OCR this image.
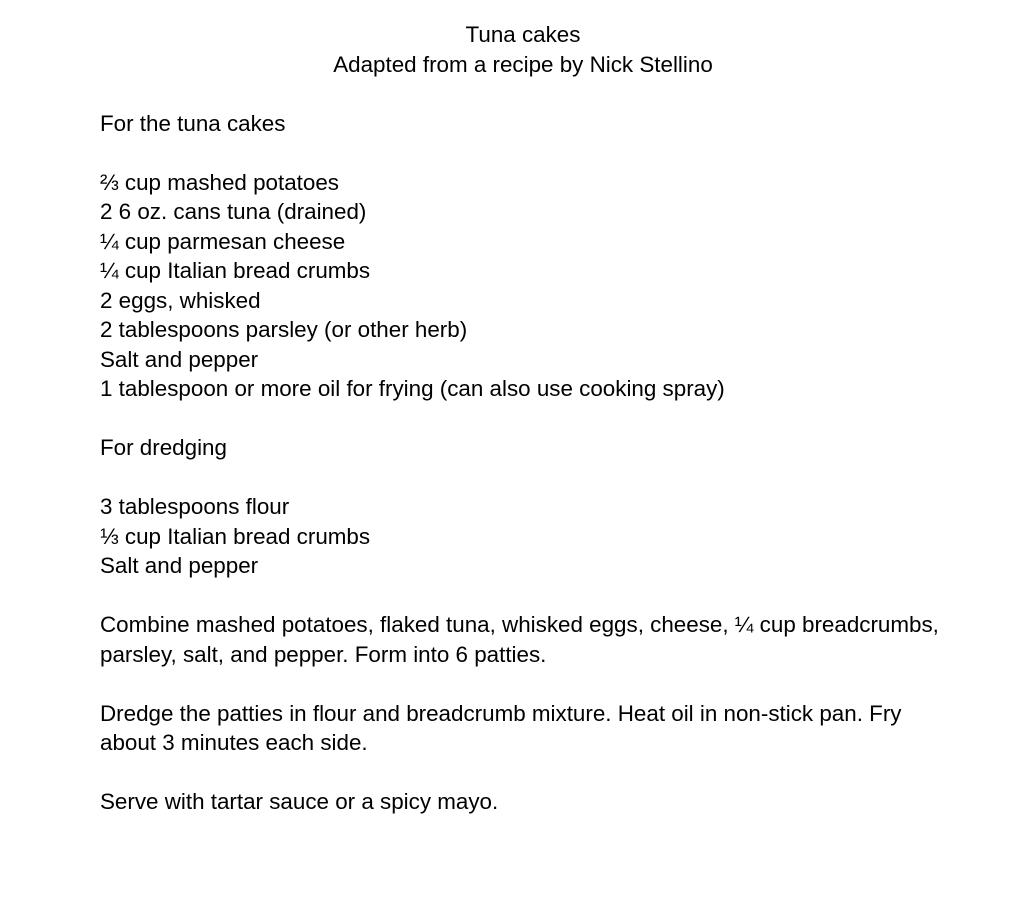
Tuna cakes
Adapted from a recipe by Nick Stellino
For the tuna cakes
⅔ cup mashed potatoes
2 6 oz. cans tuna (drained)
¼ cup parmesan cheese
¼ cup Italian bread crumbs
2 eggs, whisked
2 tablespoons parsley (or other herb)
Salt and pepper
1 tablespoon or more oil for frying (can also use cooking spray)
For dredging
3 tablespoons flour
⅓ cup Italian bread crumbs
Salt and pepper

Combine mashed potatoes, flaked tuna, whisked eggs, cheese, ¼ cup breadcrumbs, parsley, salt, and pepper. Form into 6 patties.

Dredge the patties in flour and breadcrumb mixture. Heat oil in non-stick pan. Fry about 3 minutes each side.

Serve with tartar sauce or a spicy mayo.
